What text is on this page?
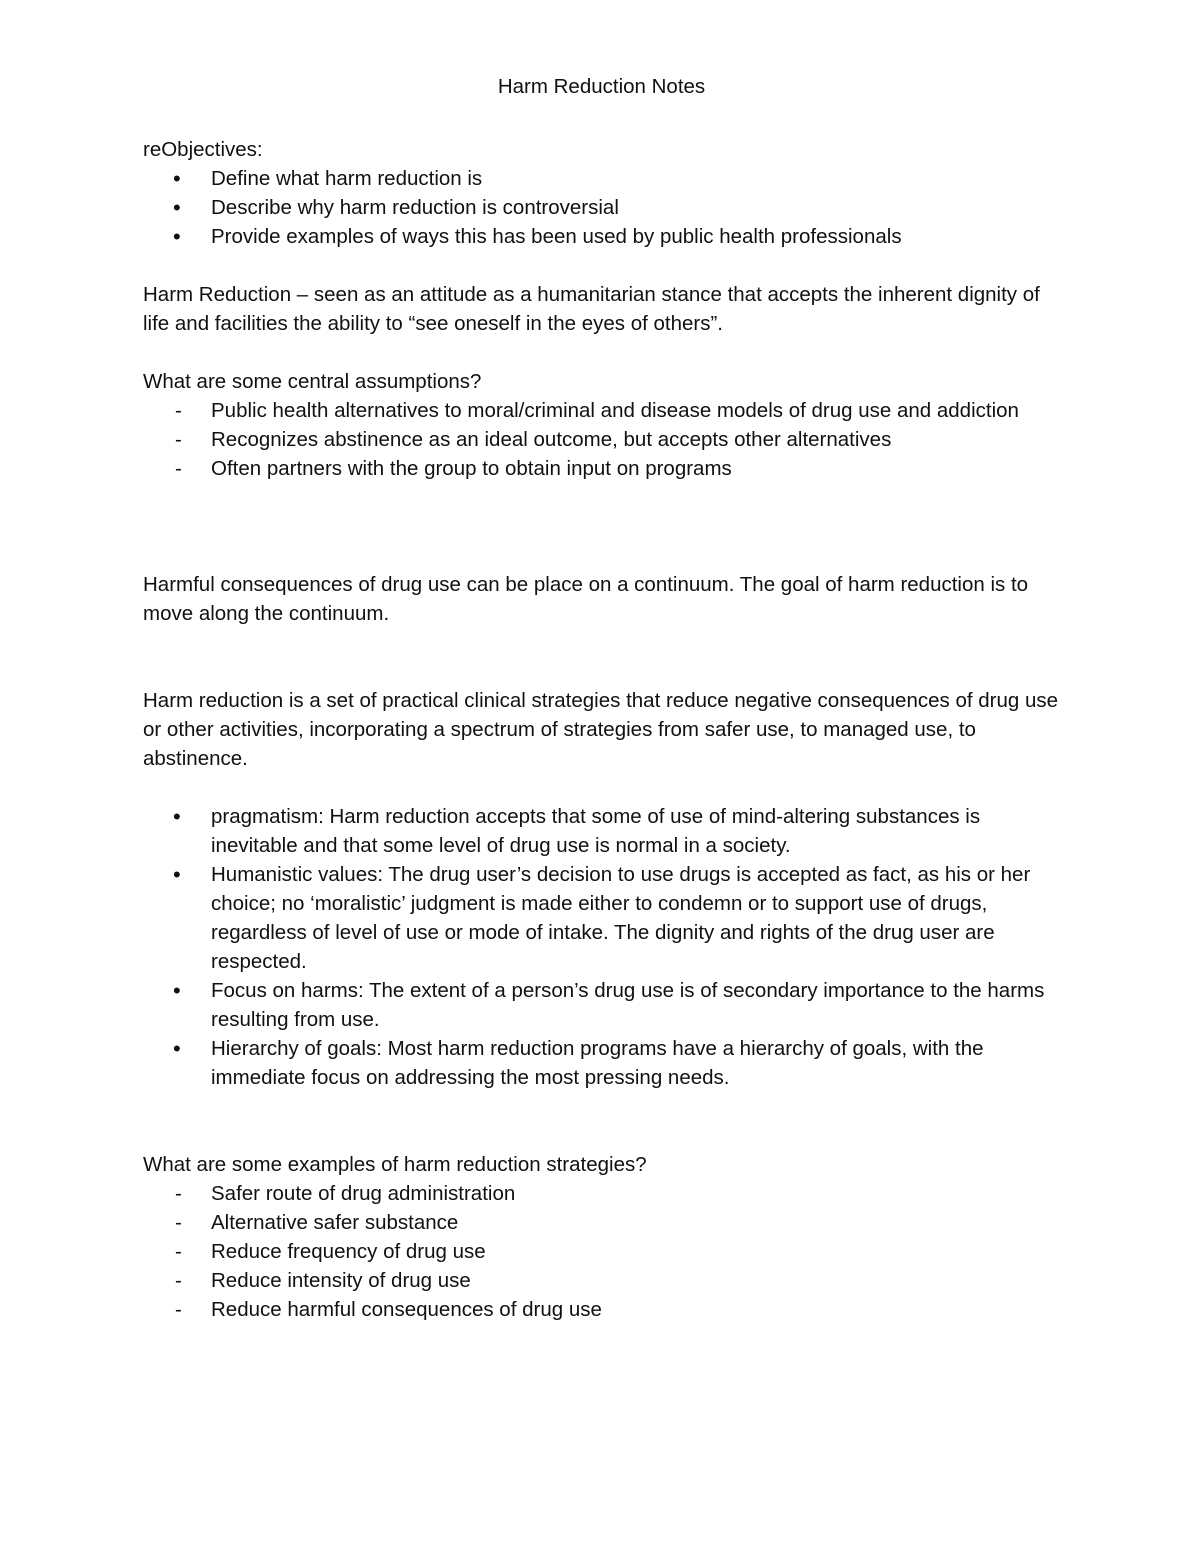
Harm Reduction Notes

reObjectives:

• Define what harm reduction is
• Describe why harm reduction is controversial
• Provide examples of ways this has been used by public health professionals

Harm Reduction – seen as an attitude as a humanitarian stance that accepts the inherent dignity of life and facilities the ability to “see oneself in the eyes of others”.

What are some central assumptions?

- Public health alternatives to moral/criminal and disease models of drug use and addiction
- Recognizes abstinence as an ideal outcome, but accepts other alternatives
- Often partners with the group to obtain input on programs

Harmful consequences of drug use can be place on a continuum. The goal of harm reduction is to move along the continuum.

Harm reduction is a set of practical clinical strategies that reduce negative consequences of drug use or other activities, incorporating a spectrum of strategies from safer use, to managed use, to abstinence.

• pragmatism: Harm reduction accepts that some of use of mind-altering substances is inevitable and that some level of drug use is normal in a society.
• Humanistic values: The drug user’s decision to use drugs is accepted as fact, as his or her choice; no ‘moralistic’ judgment is made either to condemn or to support use of drugs, regardless of level of use or mode of intake. The dignity and rights of the drug user are respected.
• Focus on harms: The extent of a person’s drug use is of secondary importance to the harms resulting from use.
• Hierarchy of goals: Most harm reduction programs have a hierarchy of goals, with the immediate focus on addressing the most pressing needs.

What are some examples of harm reduction strategies?

- Safer route of drug administration
- Alternative safer substance
- Reduce frequency of drug use
- Reduce intensity of drug use
- Reduce harmful consequences of drug use
